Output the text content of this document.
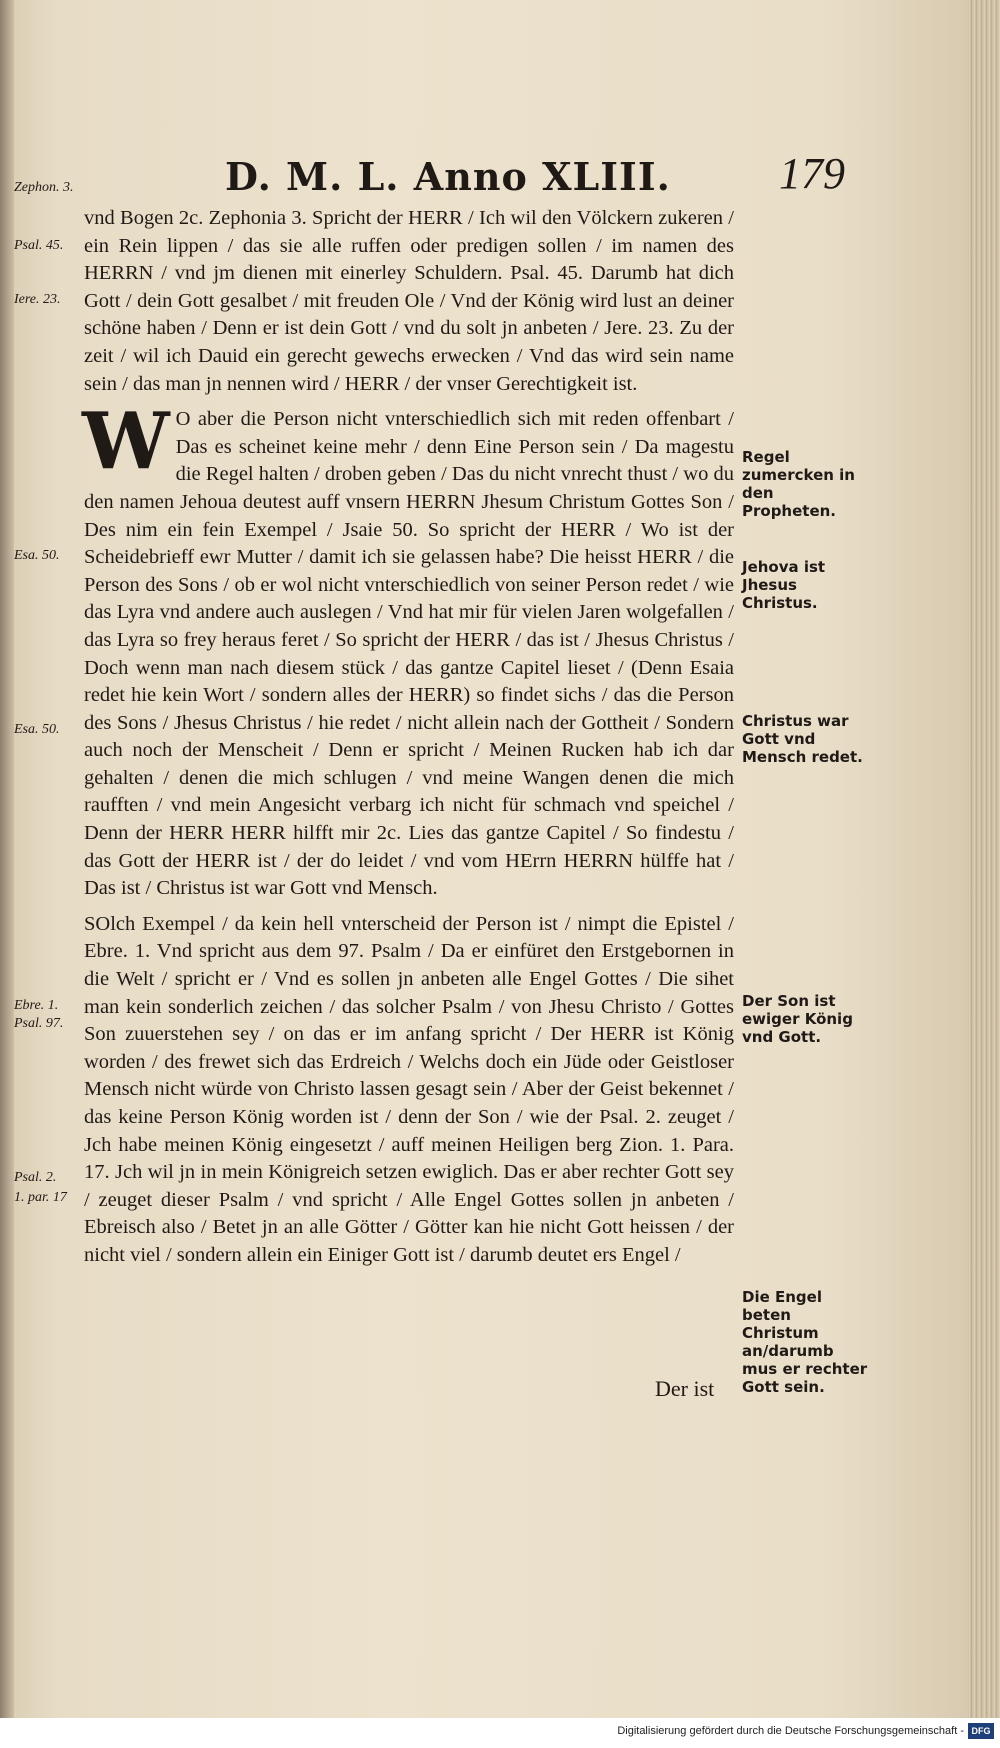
D. M. L. Anno XLIII. 179
Zephon. 3.
Psal. 45.
Iere. 23.
Esa. 50.
Esa. 50.
Ebre. 1.
Psal. 97.
Psal. 2.
1. par. 17

vnd Bogen 2c. Zephonia 3. Spricht der HERR / Ich wil den Völckern zukeren / ein Rein lippen / das sie alle ruffen oder predigen sollen / im namen des HERRN / vnd jm dienen mit einerley Schuldern. Psal. 45. Darumb hat dich Gott / dein Gott gesalbet / mit freuden Ole / Vnd der König wird lust an deiner schöne haben / Denn er ist dein Gott / vnd du solt jn anbeten / Jere. 23. Zu der zeit / wil ich Dauid ein gerecht gewechs erwecken / Vnd das wird sein name sein / das man jn nennen wird / HERR / der vnser Gerechtigkeit ist.

W O aber die Person nicht vnterschiedlich sich mit reden offenbart / Das es scheinet keine mehr / denn Eine Person sein / Da magestu die Regel halten / droben geben / Das du nicht vnrecht thust / wo du den namen Jehoua deutest auff vnsern HERRN Jhesum Christum Gottes Son / Des nim ein fein Exempel / Jsaie 50. So spricht der HERR / Wo ist der Scheidebrieff ewr Mutter / damit ich sie gelassen habe? Die heisst HERR / die Person des Sons / ob er wol nicht vnterschiedlich von seiner Person redet / wie das Lyra vnd andere auch auslegen / Vnd hat mir für vielen Jaren wolgefallen / das Lyra so frey heraus feret / So spricht der HERR / das ist / Jhesus Christus / Doch wenn man nach diesem stück / das gantze Capitel lieset / (Denn Esaia redet hie kein Wort / sondern alles der HERR) so findet sichs / das die Person des Sons / Jhesus Christus / hie redet / nicht allein nach der Gottheit / Sondern auch noch der Menscheit / Denn er spricht / Meinen Rucken hab ich dar gehalten / denen die mich schlugen / vnd meine Wangen denen die mich raufften / vnd mein Angesicht verbarg ich nicht für schmach vnd speichel / Denn der HERR HERR hilfft mir 2c. Lies das gantze Capitel / So findestu / das Gott der HERR ist / der do leidet / vnd vom HErrn HERRN hülffe hat / Das ist / Christus ist war Gott vnd Mensch.

SOlch Exempel / da kein hell vnterscheid der Person ist / nimpt die Epistel / Ebre. 1. Vnd spricht aus dem 97. Psalm / Da er einfüret den Erstgebornen in die Welt / spricht er / Vnd es sollen jn anbeten alle Engel Gottes / Die sihet man kein sonderlich zeichen / das solcher Psalm / von Jhesu Christo / Gottes Son zuuerstehen sey / on das er im anfang spricht / Der HERR ist König worden / des frewet sich das Erdreich / Welchs doch ein Jüde oder Geistloser Mensch nicht würde von Christo lassen gesagt sein / Aber der Geist bekennet / das keine Person König worden ist / denn der Son / wie der Psal. 2. zeuget / Jch habe meinen König eingesetzt / auff meinen Heiligen berg Zion. 1. Para. 17. Jch wil jn in mein Königreich setzen ewiglich. Das er aber rechter Gott sey / zeuget dieser Psalm / vnd spricht / Alle Engel Gottes sollen jn anbeten / Ebreisch also / Betet jn an alle Götter / Götter kan hie nicht Gott heissen / der nicht viel / sondern allein ein Einiger Gott ist / darumb deutet ers Engel /

Regel zumercken in den Propheten.
Jehova ist Jhesus Christus.
Christus war Gott vnd Mensch redet.
Der Son ist ewiger König vnd Gott.
Die Engel beten Christum an/darumb mus er rechter Gott sein.
Der ist
Digitalisierung gefördert durch die Deutsche Forschungsgemeinschaft - DFG
